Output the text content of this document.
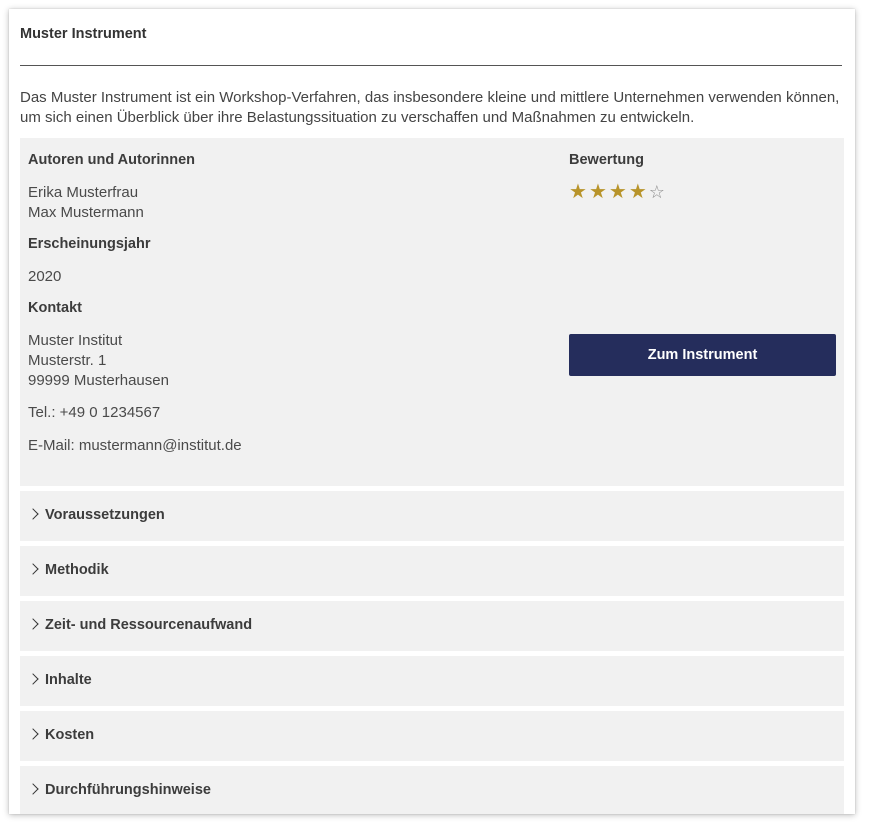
Muster Instrument
Das Muster Instrument ist ein Workshop-Verfahren, das insbesondere kleine und mittlere Unternehmen verwenden können, um sich einen Überblick über ihre Belastungssituation zu verschaffen und Maßnahmen zu entwickeln.
Autoren und Autorinnen
Erika Musterfrau
Max Mustermann
Erscheinungsjahr
2020
Kontakt
Muster Institut
Musterstr. 1
99999 Musterhausen
Tel.: +49 0 1234567
E-Mail: mustermann@institut.de
Bewertung
★★★★☆
Zum Instrument
Voraussetzungen
Methodik
Zeit- und Ressourcenaufwand
Inhalte
Kosten
Durchführungshinweise
